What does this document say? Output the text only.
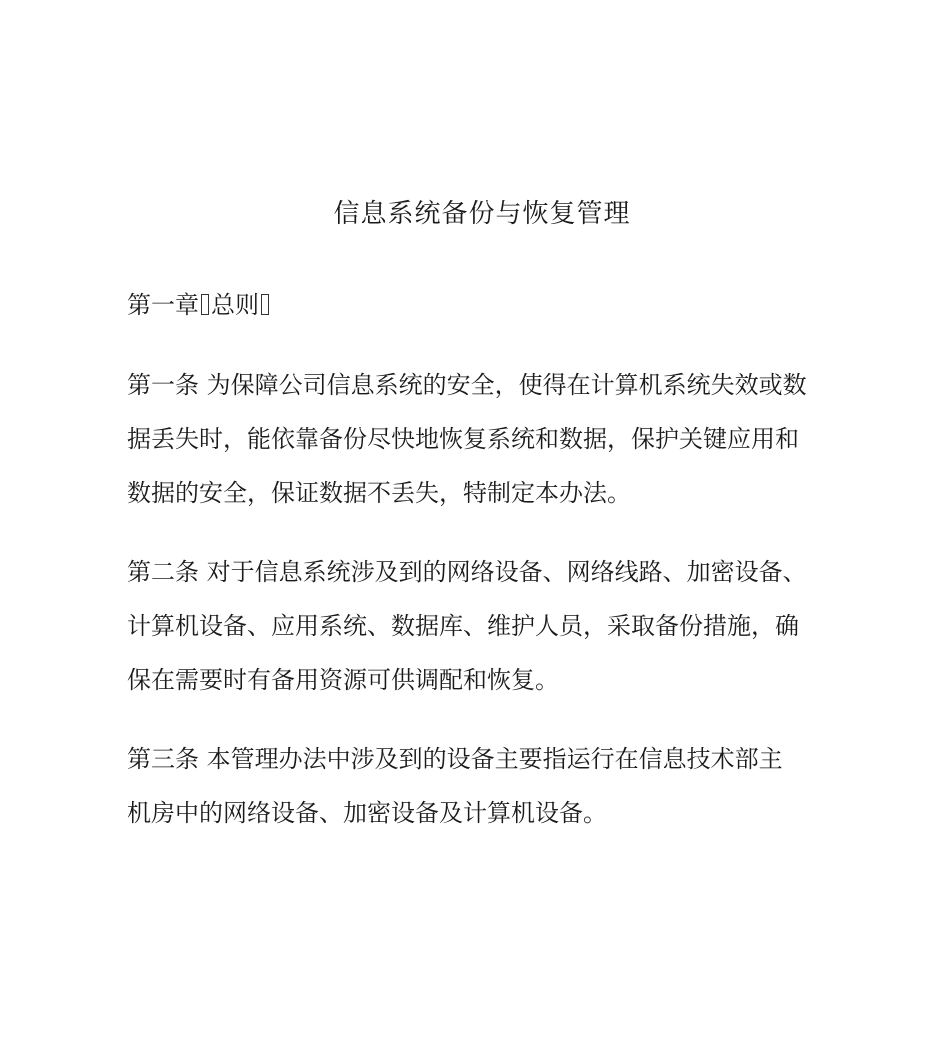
信息系统备份与恢复管理
第一章 总则

第一条 为保障公司信息系统的安全，使得在计算机系统失效或数
据丢失时，能依靠备份尽快地恢复系统和数据，保护关键应用和
数据的安全，保证数据不丢失，特制定本办法。

第二条 对于信息系统涉及到的网络设备、网络线路、加密设备、
计算机设备、应用系统、数据库、维护人员，采取备份措施，确
保在需要时有备用资源可供调配和恢复。

第三条 本管理办法中涉及到的设备主要指运行在信息技术部主
机房中的网络设备、加密设备及计算机设备。
